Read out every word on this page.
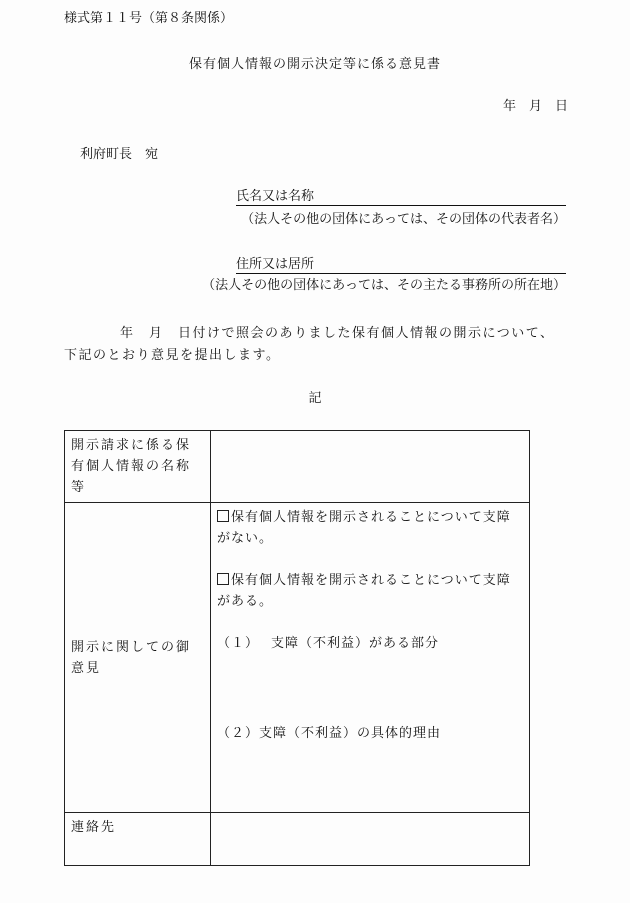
様式第１１号（第８条関係）
保有個人情報の開示決定等に係る意見書
年　月　日
利府町長　宛
氏名又は名称
（法人その他の団体にあっては、その団体の代表者名）
住所又は居所
（法人その他の団体にあっては、その主たる事務所の所在地）
年　月　日付けで照会のありました保有個人情報の開示について、下記のとおり意見を提出します。
記
開示請求に係る保有個人情報の名称等	
開示に関しての御意見	保有個人情報を開示されることについて支障がない。
保有個人情報を開示されることについて支障がある。
（１） 支障（不利益）がある部分
（２）支障（不利益）の具体的理由

連絡先	
